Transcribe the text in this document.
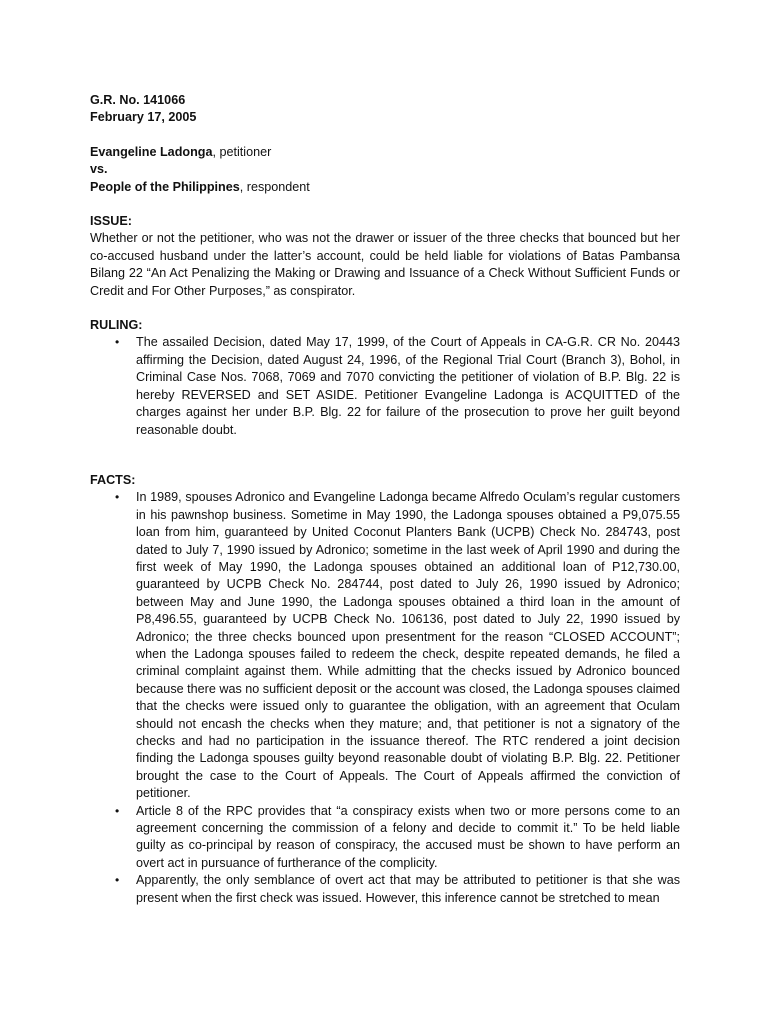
G.R. No. 141066
February 17, 2005
Evangeline Ladonga, petitioner
vs.
People of the Philippines, respondent
ISSUE:

Whether or not the petitioner, who was not the drawer or issuer of the three checks that bounced but her co-accused husband under the latter’s account, could be held liable for violations of Batas Pambansa Bilang 22 “An Act Penalizing the Making or Drawing and Issuance of a Check Without Sufficient Funds or Credit and For Other Purposes,” as conspirator.

RULING:
• The assailed Decision, dated May 17, 1999, of the Court of Appeals in CA-G.R. CR No. 20443 affirming the Decision, dated August 24, 1996, of the Regional Trial Court (Branch 3), Bohol, in Criminal Case Nos. 7068, 7069 and 7070 convicting the petitioner of violation of B.P. Blg. 22 is hereby REVERSED and SET ASIDE. Petitioner Evangeline Ladonga is ACQUITTED of the charges against her under B.P. Blg. 22 for failure of the prosecution to prove her guilt beyond reasonable doubt.
FACTS:
• In 1989, spouses Adronico and Evangeline Ladonga became Alfredo Oculam’s regular customers in his pawnshop business. Sometime in May 1990, the Ladonga spouses obtained a P9,075.55 loan from him, guaranteed by United Coconut Planters Bank (UCPB) Check No. 284743, post dated to July 7, 1990 issued by Adronico; sometime in the last week of April 1990 and during the first week of May 1990, the Ladonga spouses obtained an additional loan of P12,730.00, guaranteed by UCPB Check No. 284744, post dated to July 26, 1990 issued by Adronico; between May and June 1990, the Ladonga spouses obtained a third loan in the amount of P8,496.55, guaranteed by UCPB Check No. 106136, post dated to July 22, 1990 issued by Adronico; the three checks bounced upon presentment for the reason “CLOSED ACCOUNT”; when the Ladonga spouses failed to redeem the check, despite repeated demands, he filed a criminal complaint against them. While admitting that the checks issued by Adronico bounced because there was no sufficient deposit or the account was closed, the Ladonga spouses claimed that the checks were issued only to guarantee the obligation, with an agreement that Oculam should not encash the checks when they mature; and, that petitioner is not a signatory of the checks and had no participation in the issuance thereof. The RTC rendered a joint decision finding the Ladonga spouses guilty beyond reasonable doubt of violating B.P. Blg. 22. Petitioner brought the case to the Court of Appeals. The Court of Appeals affirmed the conviction of petitioner.
• Article 8 of the RPC provides that “a conspiracy exists when two or more persons come to an agreement concerning the commission of a felony and decide to commit it.” To be held liable guilty as co-principal by reason of conspiracy, the accused must be shown to have perform an overt act in pursuance of furtherance of the complicity.
• Apparently, the only semblance of overt act that may be attributed to petitioner is that she was present when the first check was issued. However, this inference cannot be stretched to mean
